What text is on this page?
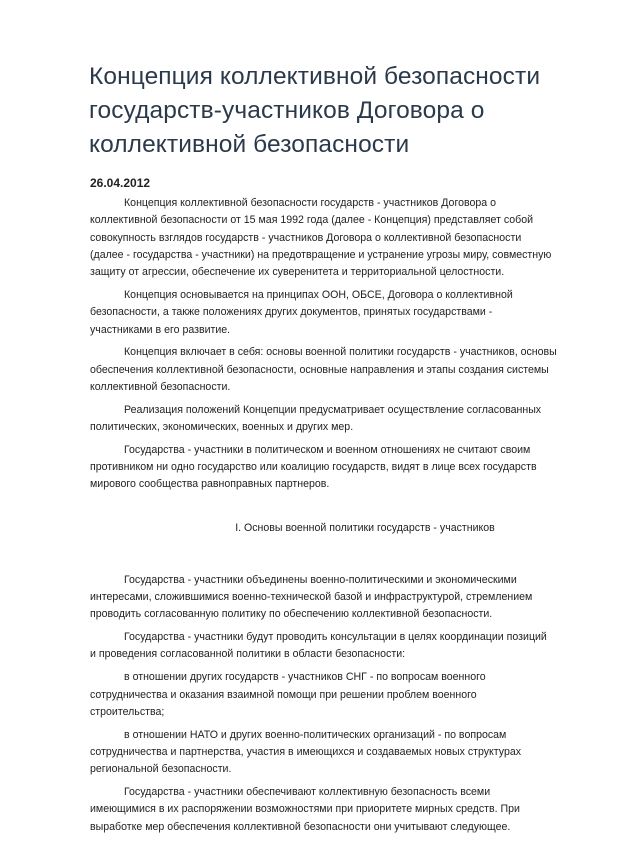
Концепция коллективной безопасности
государств-участников Договора о
коллективной безопасности
26.04.2012
Концепция коллективной безопасности государств - участников Договора о
коллективной безопасности от 15 мая 1992 года (далее - Концепция) представляет собой
совокупность взглядов государств - участников Договора о коллективной безопасности
(далее - государства - участники) на предотвращение и устранение угрозы миру, совместную
защиту от агрессии, обеспечение их суверенитета и территориальной целостности.
Концепция основывается на принципах ООН, ОБСЕ, Договора о коллективной
безопасности, а также положениях других документов, принятых государствами -
участниками в его развитие.
Концепция включает в себя: основы военной политики государств - участников, основы
обеспечения коллективной безопасности, основные направления и этапы создания системы
коллективной безопасности.
Реализация положений Концепции предусматривает осуществление согласованных
политических, экономических, военных и других мер.
Государства - участники в политическом и военном отношениях не считают своим
противником ни одно государство или коалицию государств, видят в лице всех государств
мирового сообщества равноправных партнеров.
I. Основы военной политики государств - участников
Государства - участники объединены военно-политическими и экономическими
интересами, сложившимися военно-технической базой и инфраструктурой, стремлением
проводить согласованную политику по обеспечению коллективной безопасности.
Государства - участники будут проводить консультации в целях координации позиций
и проведения согласованной политики в области безопасности:
в отношении других государств - участников СНГ - по вопросам военного
сотрудничества и оказания взаимной помощи при решении проблем военного
строительства;
в отношении НАТО и других военно-политических организаций - по вопросам
сотрудничества и партнерства, участия в имеющихся и создаваемых новых структурах
региональной безопасности.
Государства - участники обеспечивают коллективную безопасность всеми
имеющимися в их распоряжении возможностями при приоритете мирных средств. При
выработке мер обеспечения коллективной безопасности они учитывают следующее.
